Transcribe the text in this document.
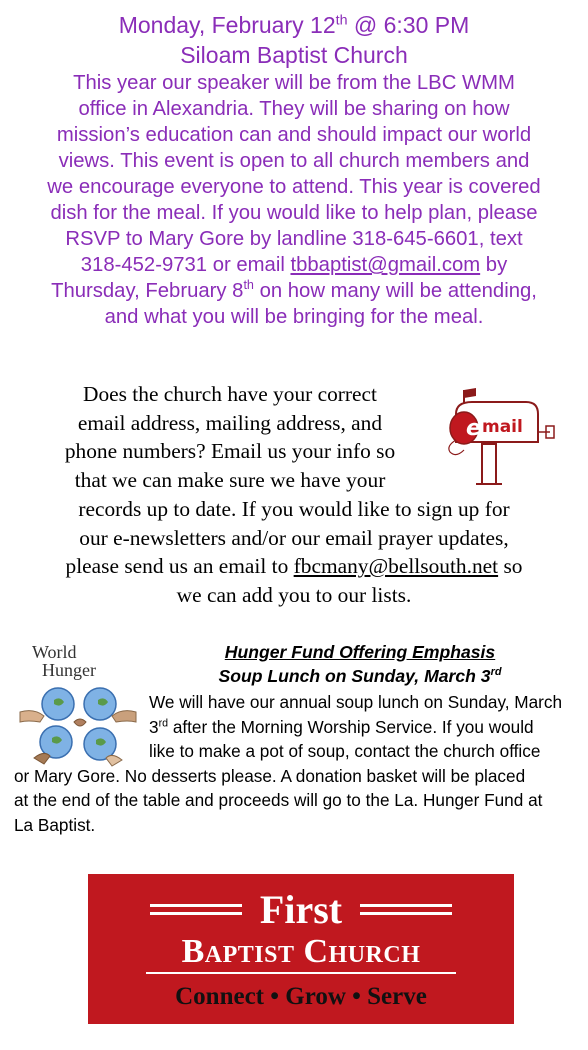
Monday, February 12th @ 6:30 PM
Siloam Baptist Church
This year our speaker will be from the LBC WMM
office in Alexandria. They will be sharing on how
mission’s education can and should impact our world
views. This event is open to all church members and
we encourage everyone to attend. This year is covered
dish for the meal. If you would like to help plan, please
RSVP to Mary Gore by landline 318-645-6601, text
318-452-9731 or email tbbaptist@gmail.com by
Thursday, February 8th on how many will be attending,
and what you will be bringing for the meal.
Does the church have your correct
email address, mailing address, and
phone numbers? Email us your info so
that we can make sure we have your
records up to date. If you would like to sign up for
our e-newsletters and/or our email prayer updates,
please send us an email to fbcmany@bellsouth.net so
we can add you to our lists.
e mail
World
Hunger
Hunger Fund Offering Emphasis
Soup Lunch on Sunday, March 3rd
We will have our annual soup lunch on Sunday, March
3rd after the Morning Worship Service. If you would
like to make a pot of soup, contact the church office
or Mary Gore. No desserts please. A donation basket will be placed
at the end of the table and proceeds will go to the La. Hunger Fund at
La Baptist.
First
Baptist Church
Connect • Grow • Serve
